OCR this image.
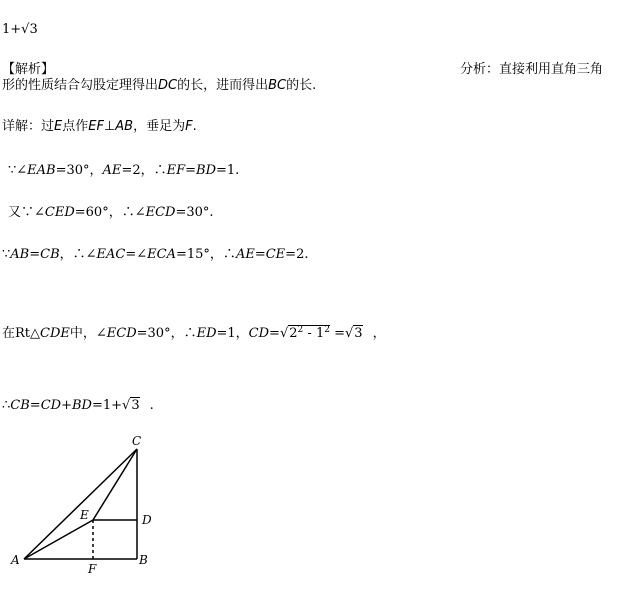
1+√3
【解析】	分析：直接利用直角三角
形的性质结合勾股定理得出DC的长，进而得出BC的长.
详解：过E点作EF⊥AB，垂足为F.
∵∠EAB=30°，AE=2，∴EF=BD=1.
又∵∠CED=60°，∴∠ECD=30°.
∵AB=CB，∴∠EAC=∠ECA=15°，∴AE=CE=2.
在Rt△CDE中，∠ECD=30°，∴ED=1，$CD=√2^2 - 1^2 =√3$ ，
∴CB=CD+BD=1+√3 .
C
E	D
A	B
F
